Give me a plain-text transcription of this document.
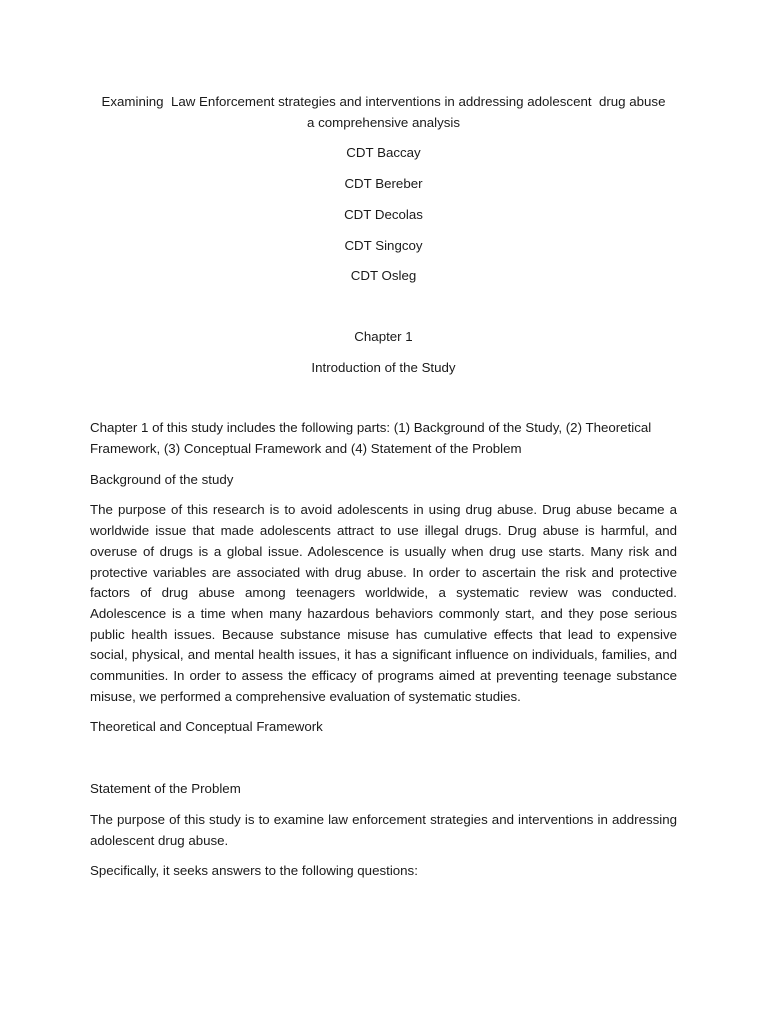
Examining  Law Enforcement strategies and interventions in addressing adolescent  drug abuse

a comprehensive analysis

CDT Baccay

CDT Bereber

CDT Decolas

CDT Singcoy

CDT Osleg

Chapter 1

Introduction of the Study

Chapter 1 of this study includes the following parts: (1) Background of the Study, (2) Theoretical Framework, (3) Conceptual Framework and (4) Statement of the Problem

Background of the study

The purpose of this research is to avoid adolescents in using drug abuse. Drug abuse became a worldwide issue that made adolescents attract to use illegal drugs. Drug abuse is harmful, and overuse of drugs is a global issue. Adolescence is usually when drug use starts. Many risk and protective variables are associated with drug abuse. In order to ascertain the risk and protective factors of drug abuse among teenagers worldwide, a systematic review was conducted. Adolescence is a time when many hazardous behaviors commonly start, and they pose serious public health issues. Because substance misuse has cumulative effects that lead to expensive social, physical, and mental health issues, it has a significant influence on individuals, families, and communities. In order to assess the efficacy of programs aimed at preventing teenage substance misuse, we performed a comprehensive evaluation of systematic studies.

Theoretical and Conceptual Framework

Statement of the Problem

The purpose of this study is to examine law enforcement strategies and interventions in addressing adolescent drug abuse.

Specifically, it seeks answers to the following questions:
